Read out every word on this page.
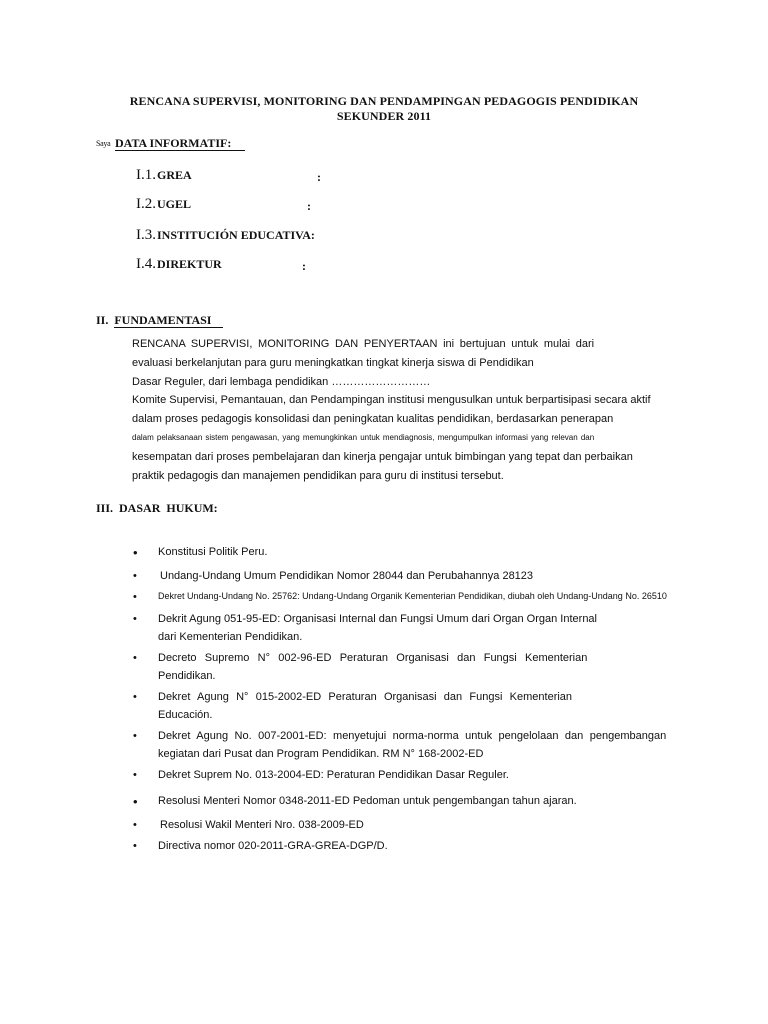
RENCANA SUPERVISI, MONITORING DAN PENDAMPINGAN PEDAGOGIS PENDIDIKAN
SEKUNDER 2011
Saya DATA INFORMATIF:
I.1.GREA	:
I.2.UGEL	:
I.3.INSTITUCIÓN EDUCATIVA:
I.4.DIREKTUR	:
II. FUNDAMENTASI
RENCANA SUPERVISI, MONITORING DAN PENYERTAAN ini bertujuan untuk mulai dari
evaluasi berkelanjutan para guru meningkatkan tingkat kinerja siswa di Pendidikan
Dasar Reguler, dari lembaga pendidikan ………………………
Komite Supervisi, Pemantauan, dan Pendampingan institusi mengusulkan untuk berpartisipasi secara aktif
dalam proses pedagogis konsolidasi dan peningkatan kualitas pendidikan, berdasarkan penerapan
dalam pelaksanaan sistem pengawasan, yang memungkinkan untuk mendiagnosis, mengumpulkan informasi yang relevan dan
kesempatan dari proses pembelajaran dan kinerja pengajar untuk bimbingan yang tepat dan perbaikan
praktik pedagogis dan manajemen pendidikan para guru di institusi tersebut.
III. DASAR HUKUM:
• Konstitusi Politik Peru.
• Undang-Undang Umum Pendidikan Nomor 28044 dan Perubahannya 28123
• Dekret Undang-Undang No. 25762: Undang-Undang Organik Kementerian Pendidikan, diubah oleh Undang-Undang No. 26510
• Dekrit Agung 051-95-ED: Organisasi Internal dan Fungsi Umum dari Organ Organ Internal
dari Kementerian Pendidikan.
• Decreto Supremo N° 002-96-ED Peraturan Organisasi dan Fungsi Kementerian
Pendidikan.
• Dekret Agung N° 015-2002-ED Peraturan Organisasi dan Fungsi Kementerian
Educación.
• Dekret Agung No. 007-2001-ED: menyetujui norma-norma untuk pengelolaan dan pengembangan
kegiatan dari Pusat dan Program Pendidikan. RM N° 168-2002-ED
• Dekret Suprem No. 013-2004-ED: Peraturan Pendidikan Dasar Reguler.
• Resolusi Menteri Nomor 0348-2011-ED Pedoman untuk pengembangan tahun ajaran.
• Resolusi Wakil Menteri Nro. 038-2009-ED
• Directiva nomor 020-2011-GRA-GREA-DGP/D.
